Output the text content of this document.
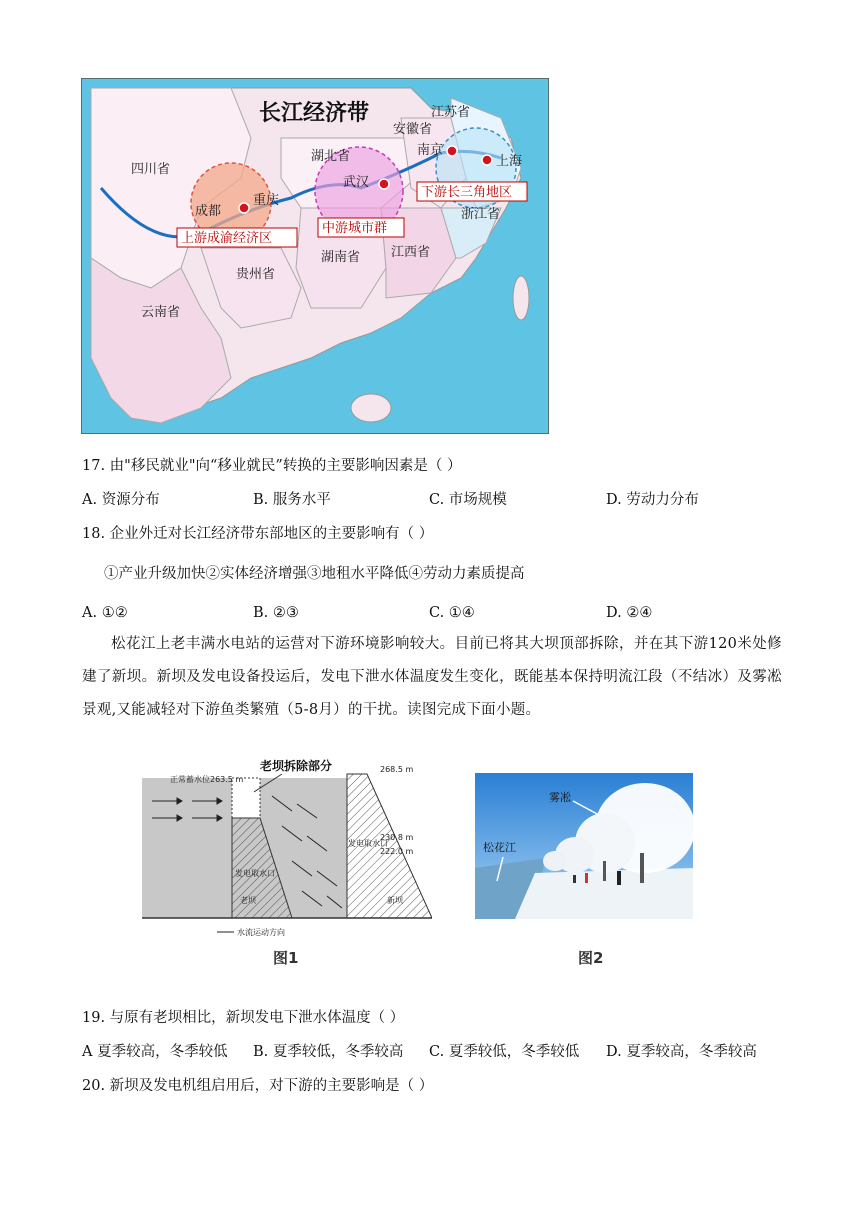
长江经济带
四川省
湖北省
安徽省
江苏省
浙江省
江西省
湖南省
贵州省
云南省
成都
重庆
武汉
南京
上海
上游成渝经济区
中游城市群
下游长三角地区
17. 由"移民就业"向“移业就民”转换的主要影响因素是（ ）
A. 资源分布	B. 服务水平	C. 市场规模	D. 劳动力分布
18. 企业外迁对长江经济带东部地区的主要影响有（ ）
①产业升级加快②实体经济增强③地租水平降低④劳动力素质提高
A. ①②	B. ②③	C. ①④	D. ②④
松花江上老丰满水电站的运营对下游环境影响较大。目前已将其大坝顶部拆除，并在其下游120米处修建了新坝。新坝及发电设备投运后，发电下泄水体温度发生变化，既能基本保持明流江段（不结冰）及雾凇景观,又能减轻对下游鱼类繁殖（5-8月）的干扰。读图完成下面小题。
正常蓄水位263.5 m
268.5 m
230.8 m
222.0 m
发电取水口
发电取水口
老坝	新坝
水流运动方向
老坝拆除部分
图1
雾凇
松花江
图2
19. 与原有老坝相比，新坝发电下泄水体温度（ ）
A 夏季较高，冬季较低 B. 夏季较低，冬季较高 C. 夏季较低，冬季较低 D. 夏季较高，冬季较高
20. 新坝及发电机组启用后，对下游的主要影响是（ ）
